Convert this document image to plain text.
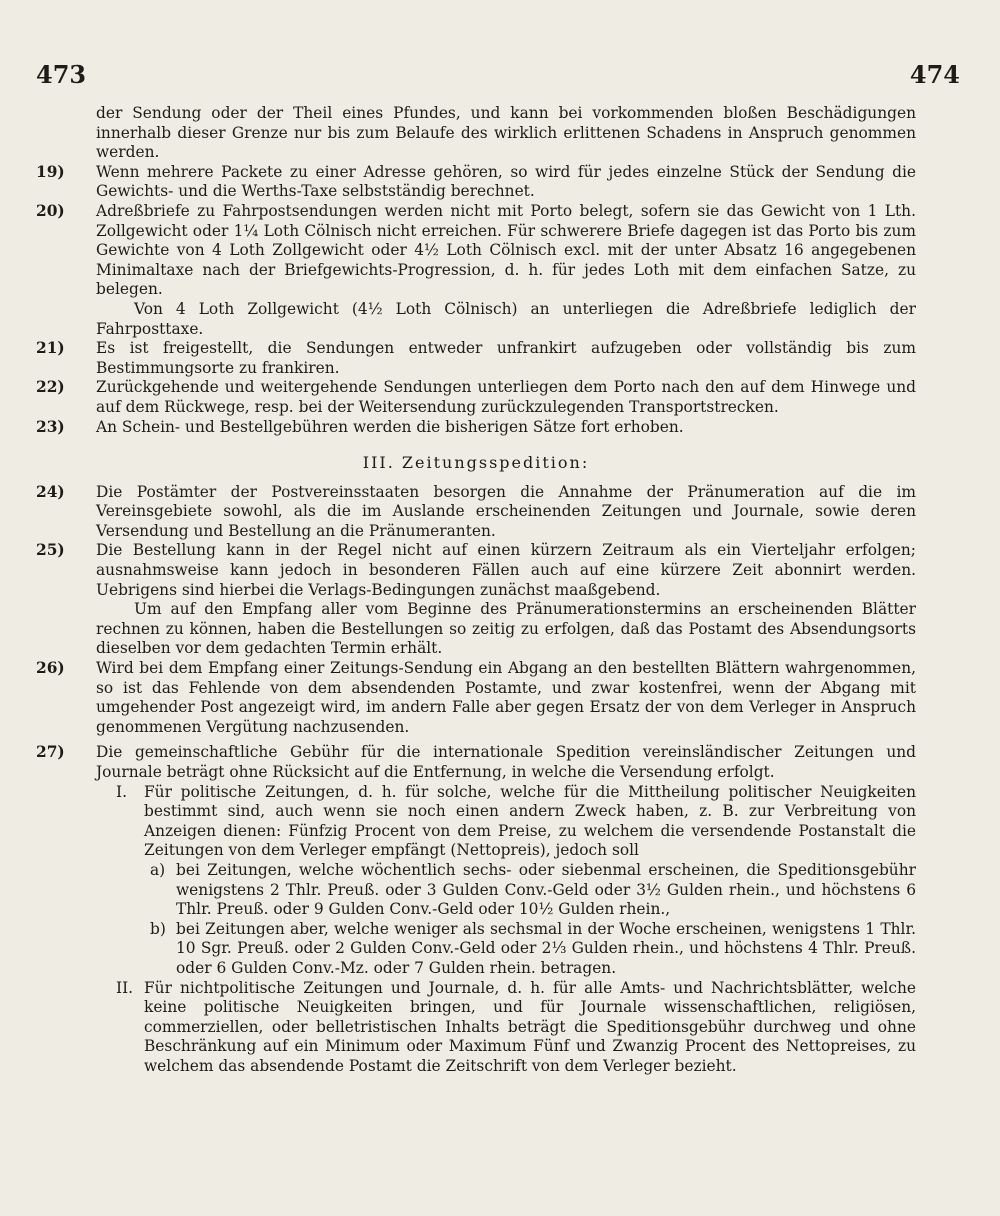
473	474

der Sendung oder der Theil eines Pfundes, und kann bei vorkommenden bloßen Beschädigungen innerhalb dieser Grenze nur bis zum Belaufe des wirklich erlittenen Schadens in Anspruch genommen werden.

19)	Wenn mehrere Packete zu einer Adresse gehören, so wird für jedes einzelne Stück der Sendung die Gewichts- und die Werths-Taxe selbstständig berechnet.
20)	Adreßbriefe zu Fahrpostsendungen werden nicht mit Porto belegt, sofern sie das Gewicht von 1 Lth. Zollgewicht oder 1¼ Loth Cölnisch nicht erreichen. Für schwerere Briefe dagegen ist das Porto bis zum Gewichte von 4 Loth Zollgewicht oder 4½ Loth Cölnisch excl. mit der unter Absatz 16 angegebenen Minimaltaxe nach der Briefgewichts-Progression, d. h. für jedes Loth mit dem einfachen Satze, zu belegen.
Von 4 Loth Zollgewicht (4½ Loth Cölnisch) an unterliegen die Adreßbriefe lediglich der Fahrposttaxe.
21)	Es ist freigestellt, die Sendungen entweder unfrankirt aufzugeben oder vollständig bis zum Bestimmungsorte zu frankiren.
22)	Zurückgehende und weitergehende Sendungen unterliegen dem Porto nach den auf dem Hinwege und auf dem Rückwege, resp. bei der Weitersendung zurückzulegenden Transportstrecken.
23)	An Schein- und Bestellgebühren werden die bisherigen Sätze fort erhoben.
III. Zeitungsspedition:
24)	Die Postämter der Postvereinsstaaten besorgen die Annahme der Pränumeration auf die im Vereinsgebiete sowohl, als die im Auslande erscheinenden Zeitungen und Journale, sowie deren Versendung und Bestellung an die Pränumeranten.
25)	Die Bestellung kann in der Regel nicht auf einen kürzern Zeitraum als ein Vierteljahr erfolgen; ausnahmsweise kann jedoch in besonderen Fällen auch auf eine kürzere Zeit abonnirt werden. Uebrigens sind hierbei die Verlags-Bedingungen zunächst maaßgebend.
Um auf den Empfang aller vom Beginne des Pränumerationstermins an erscheinenden Blätter rechnen zu können, haben die Bestellungen so zeitig zu erfolgen, daß das Postamt des Absendungsorts dieselben vor dem gedachten Termin erhält.
26)	Wird bei dem Empfang einer Zeitungs-Sendung ein Abgang an den bestellten Blättern wahrgenommen, so ist das Fehlende von dem absendenden Postamte, und zwar kostenfrei, wenn der Abgang mit umgehender Post angezeigt wird, im andern Falle aber gegen Ersatz der von dem Verleger in Anspruch genommenen Vergütung nachzusenden.
27)	Die gemeinschaftliche Gebühr für die internationale Spedition vereinsländischer Zeitungen und Journale beträgt ohne Rücksicht auf die Entfernung, in welche die Versendung erfolgt.
I. Für politische Zeitungen, d. h. für solche, welche für die Mittheilung politischer Neuigkeiten bestimmt sind, auch wenn sie noch einen andern Zweck haben, z. B. zur Verbreitung von Anzeigen dienen: Fünfzig Procent von dem Preise, zu welchem die versendende Postanstalt die Zeitungen von dem Verleger empfängt (Nettopreis), jedoch soll
a) bei Zeitungen, welche wöchentlich sechs- oder siebenmal erscheinen, die Speditionsgebühr wenigstens 2 Thlr. Preuß. oder 3 Gulden Conv.-Geld oder 3½ Gulden rhein., und höchstens 6 Thlr. Preuß. oder 9 Gulden Conv.-Geld oder 10½ Gulden rhein.,
b) bei Zeitungen aber, welche weniger als sechsmal in der Woche erscheinen, wenigstens 1 Thlr. 10 Sgr. Preuß. oder 2 Gulden Conv.-Geld oder 2⅓ Gulden rhein., und höchstens 4 Thlr. Preuß. oder 6 Gulden Conv.-Mz. oder 7 Gulden rhein. betragen.
II. Für nichtpolitische Zeitungen und Journale, d. h. für alle Amts- und Nachrichtsblätter, welche keine politische Neuigkeiten bringen, und für Journale wissenschaftlichen, religiösen, commerziellen, oder belletristischen Inhalts beträgt die Speditionsgebühr durchweg und ohne Beschränkung auf ein Minimum oder Maximum Fünf und Zwanzig Procent des Nettopreises, zu welchem das absendende Postamt die Zeitschrift von dem Verleger bezieht.
